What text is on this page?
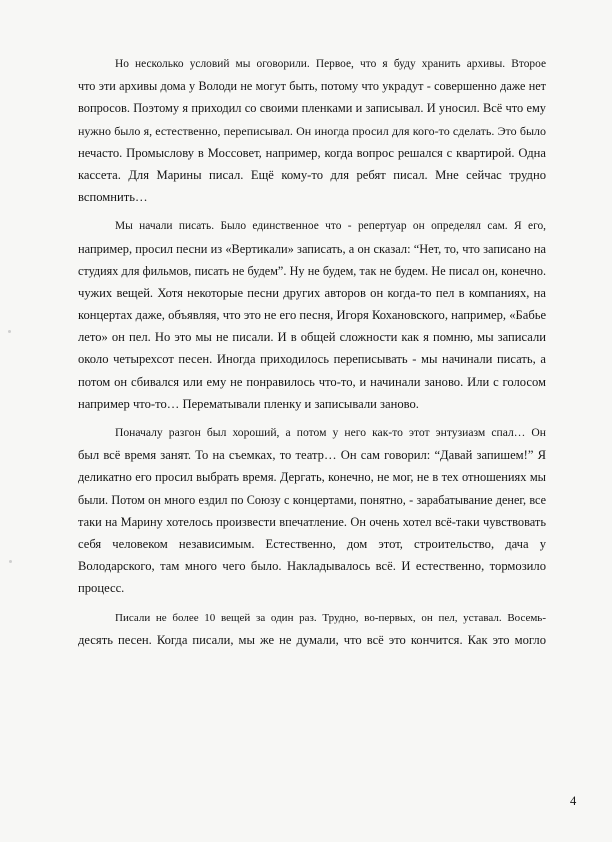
Но несколько условий мы оговорили. Первое, что я буду хранить архивы. Второе
что эти архивы дома у Володи не могут быть, потому что украдут - совершенно даже нет
вопросов. Поэтому я приходил со своими пленками и записывал. И уносил. Всё что ему
нужно было я, естественно, переписывал. Он иногда просил для кого-то сделать. Это было
нечасто. Промыслову в Моссовет, например, когда вопрос решался с квартирой. Одна
кассета. Для Марины писал. Ещё кому-то для ребят писал. Мне сейчас трудно
вспомнить…
Мы начали писать. Было единственное что - репертуар он определял сам. Я его,
например, просил песни из «Вертикали» записать, а он сказал: “Нет, то, что записано на
студиях для фильмов, писать не будем”. Ну не будем, так не будем. Не писал он, конечно.
чужих вещей. Хотя некоторые песни других авторов он когда-то пел в компаниях, на
концертах даже, объявляя, что это не его песня, Игоря Кохановского, например, «Бабье
лето» он пел. Но это мы не писали. И в общей сложности как я помню, мы записали
около четырехсот песен. Иногда приходилось переписывать - мы начинали писать, а
потом он сбивался или ему не понравилось что-то, и начинали заново. Или с голосом
например что-то… Перематывали пленку и записывали заново.
Поначалу разгон был хороший, а потом у него как-то этот энтузиазм спал… Он
был всё время занят. То на съемках, то театр… Он сам говорил: “Давай запишем!” Я
деликатно его просил выбрать время. Дергать, конечно, не мог, не в тех отношениях мы
были. Потом он много ездил по Союзу с концертами, понятно, - зарабатывание денег, все
таки на Марину хотелось произвести впечатление. Он очень хотел всё-таки чувствовать
себя человеком независимым. Естественно, дом этот, строительство, дача у
Володарского, там много чего было. Накладывалось всё. И естественно, тормозило
процесс.
Писали не более 10 вещей за один раз. Трудно, во-первых, он пел, уставал. Восемь-
десять песен. Когда писали, мы же не думали, что всё это кончится. Как это могло
4
